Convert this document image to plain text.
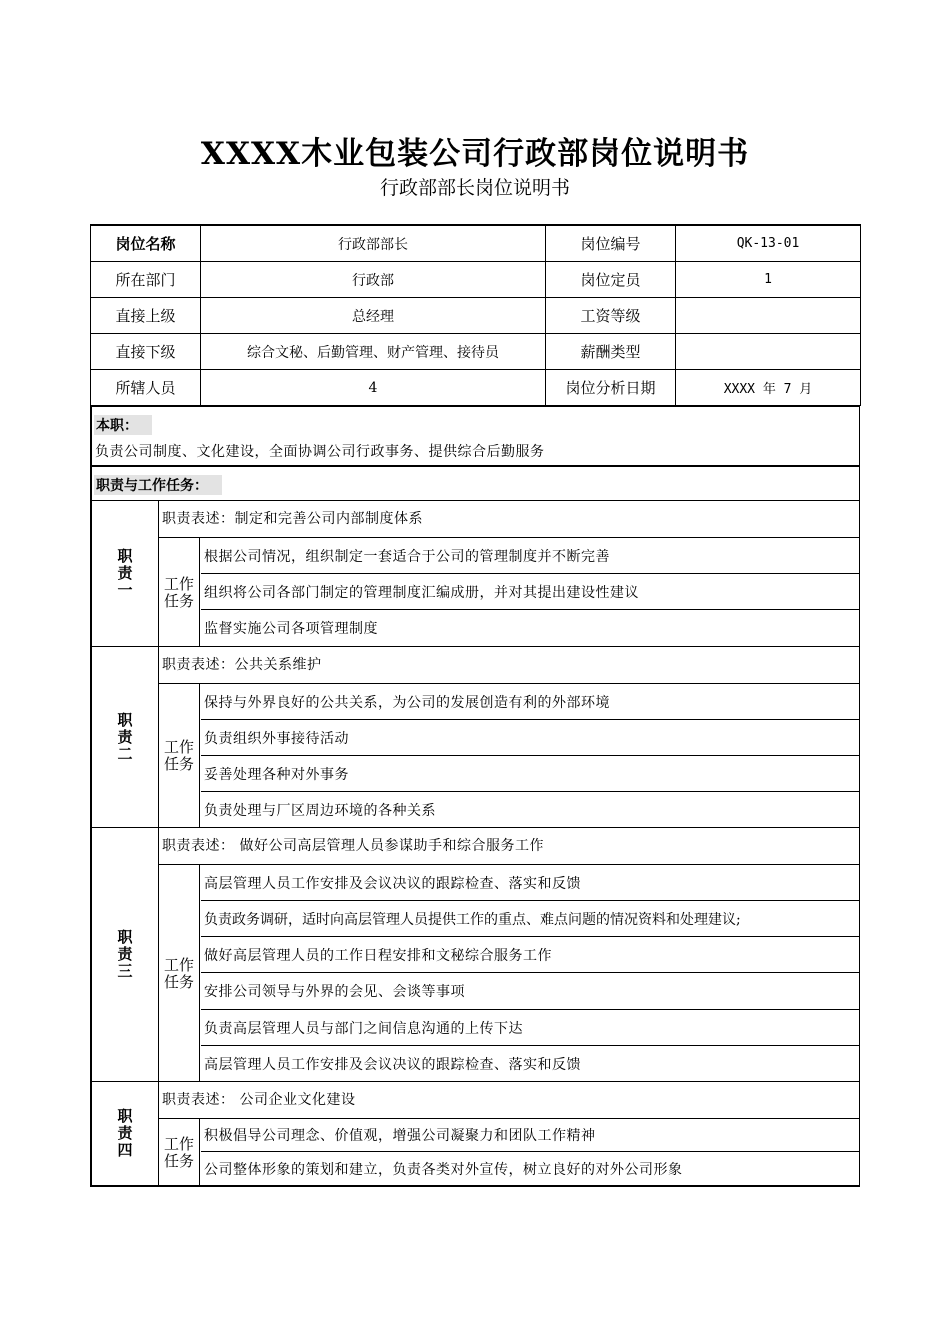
XXXX木业包装公司行政部岗位说明书
行政部部长岗位说明书
岗位名称	行政部部长	岗位编号	QK-13-01
所在部门	行政部	岗位定员	1
直接上级	总经理	工资等级	
直接下级	综合文秘、后勤管理、财产管理、接待员	薪酬类型	
所辖人员	4	岗位分析日期	XXXX 年 7 月
本职：
负责公司制度、文化建设，全面协调公司行政事务、提供综合后勤服务
职责与工作任务：
职责一
职责表述：制定和完善公司内部制度体系
工作任务
根据公司情况，组织制定一套适合于公司的管理制度并不断完善
组织将公司各部门制定的管理制度汇编成册，并对其提出建设性建议
监督实施公司各项管理制度
职责二
职责表述：公共关系维护
工作任务
保持与外界良好的公共关系，为公司的发展创造有利的外部环境
负责组织外事接待活动
妥善处理各种对外事务
负责处理与厂区周边环境的各种关系
职责三
职责表述： 做好公司高层管理人员参谋助手和综合服务工作
工作任务
高层管理人员工作安排及会议决议的跟踪检查、落实和反馈
负责政务调研，适时向高层管理人员提供工作的重点、难点问题的情况资料和处理建议;
做好高层管理人员的工作日程安排和文秘综合服务工作
安排公司领导与外界的会见、会谈等事项
负责高层管理人员与部门之间信息沟通的上传下达
高层管理人员工作安排及会议决议的跟踪检查、落实和反馈
职责四
职责表述： 公司企业文化建设
工作任务
积极倡导公司理念、价值观，增强公司凝聚力和团队工作精神
公司整体形象的策划和建立，负责各类对外宣传，树立良好的对外公司形象
